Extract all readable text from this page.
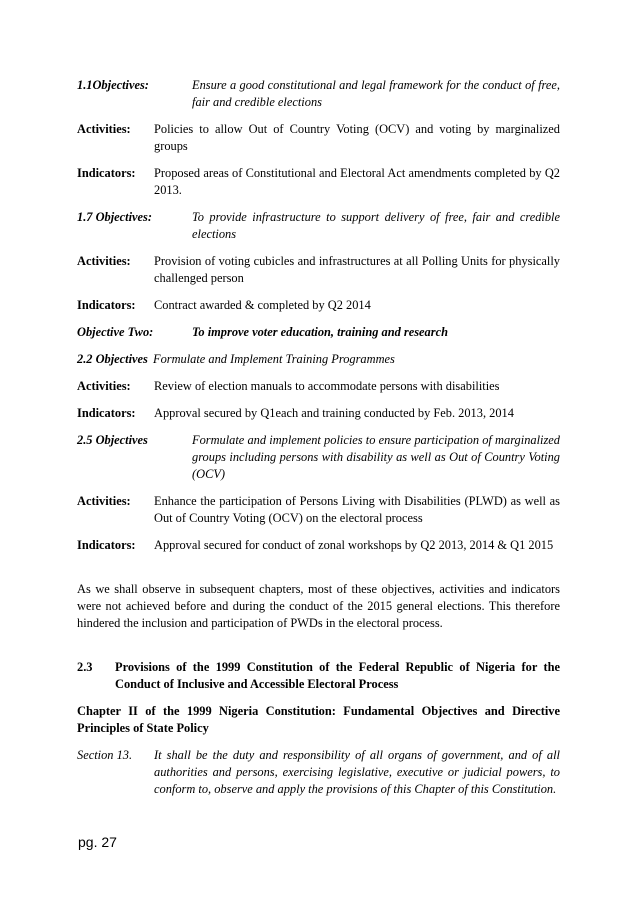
1.1Objectives:	Ensure a good constitutional and legal framework for the conduct of free, fair and credible elections
Activities: Policies to allow Out of Country Voting (OCV) and voting by marginalized groups
Indicators: Proposed areas of Constitutional and Electoral Act amendments completed by Q2 2013.
1.7 Objectives:	To provide infrastructure to support delivery of free, fair and credible elections
Activities: Provision of voting cubicles and infrastructures at all Polling Units for physically challenged person
Indicators: Contract awarded & completed by Q2 2014
Objective Two:	To improve voter education, training and research
2.2 Objectives Formulate and Implement Training Programmes
Activities: Review of election manuals to accommodate persons with disabilities
Indicators: Approval secured by Q1each and training conducted by Feb. 2013, 2014
2.5 Objectives	Formulate and implement policies to ensure participation of marginalized groups including persons with disability as well as Out of Country Voting (OCV)
Activities: Enhance the participation of Persons Living with Disabilities (PLWD) as well as Out of Country Voting (OCV) on the electoral process
Indicators: Approval secured for conduct of zonal workshops by Q2 2013, 2014 & Q1 2015

As we shall observe in subsequent chapters, most of these objectives, activities and indicators were not achieved before and during the conduct of the 2015 general elections. This therefore hindered the inclusion and participation of PWDs in the electoral process.

2.3 Provisions of the 1999 Constitution of the Federal Republic of Nigeria for the Conduct of Inclusive and Accessible Electoral Process
Chapter II of the 1999 Nigeria Constitution: Fundamental Objectives and Directive Principles of State Policy
Section 13. It shall be the duty and responsibility of all organs of government, and of all authorities and persons, exercising legislative, executive or judicial powers, to conform to, observe and apply the provisions of this Chapter of this Constitution.
pg. 27
